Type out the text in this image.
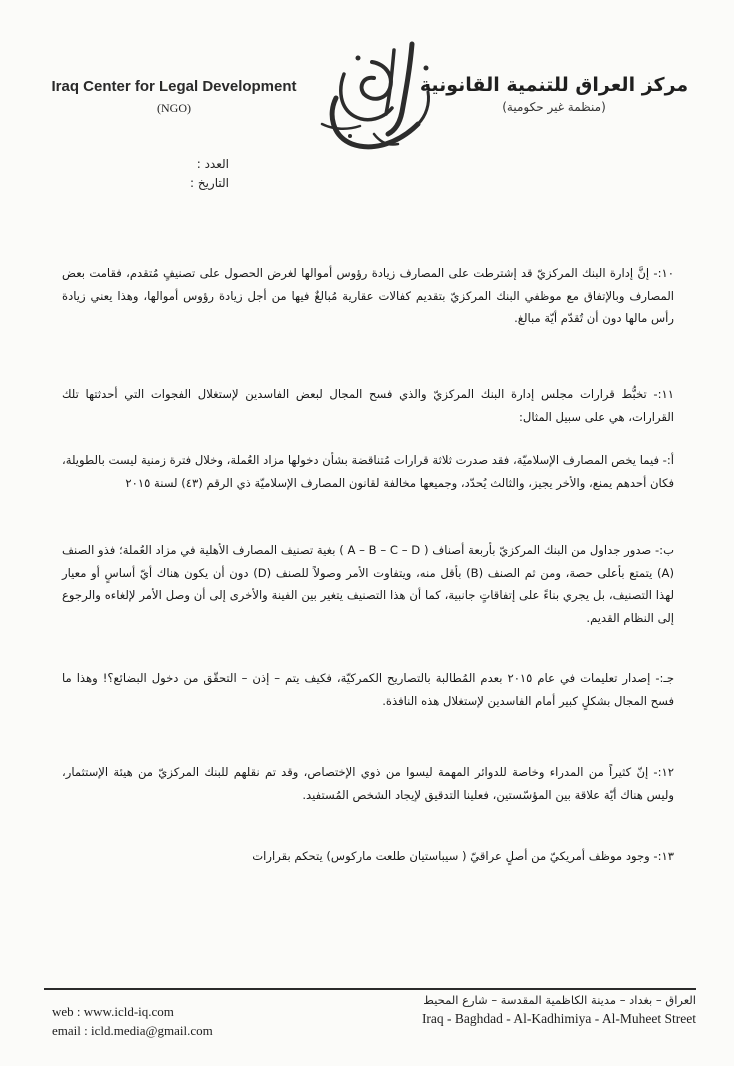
Iraq Center for Legal Development
(NGO)
مركز العراق للتنمية القانونية
(منظمة غير حكومية)
العدد :
التاريخ :

١٠:- إنَّ إدارة البنك المركزيّ قد إشترطت على المصارف زيادة رؤوس أموالها لغرض الحصول على تصنيفٍ مُتقدم، فقامت بعض المصارف وبالإتفاق مع موظفي البنك المركزيّ بتقديم كفالات عقارية مُبالغٌ فيها من أجل زيادة رؤوس أموالها، وهذا يعني زيادة رأس مالها دون أن تُقدّم أيّة مبالغ.

١١:- تخبُّط قرارات مجلس إدارة البنك المركزيّ والذي فسح المجال لبعض الفاسدين لإستغلال الفجوات التي أحدثتها تلك القرارات، هي على سبيل المثال:

أ:- فيما يخص المصارف الإسلاميّة، فقد صدرت ثلاثة قرارات مُتناقضة بشأن دخولها مزاد العُملة، وخلال فترة زمنية ليست بالطويلة، فكان أحدهم يمنع، والأخر يجيز، والثالث يُحدّد، وجميعها مخالفة لقانون المصارف الإسلاميّة ذي الرقم (٤٣) لسنة ٢٠١٥

ب:- صدور جداول من البنك المركزيّ بأربعة أصناف ( A – B – C – D ) بغية تصنيف المصارف الأهلية في مزاد العُملة؛ فذو الصنف (A) يتمتع بأعلى حصة، ومن ثم الصنف (B) بأقل منه، ويتفاوت الأمر وصولاً للصنف (D) دون أن يكون هناك أيّ أساسٍ أو معيار لهذا التصنيف، بل يجري بناءً على إتفاقاتٍ جانبية، كما أن هذا التصنيف يتغير بين الفينة والأخرى إلى أن وصل الأمر لإلغاءه والرجوع إلى النظام القديم.

جـ:- إصدار تعليمات في عام ٢٠١٥ بعدم المُطالبة بالتصاريح الكمركيّة، فكيف يتم – إذن – التحقّق من دخول البضائع؟! وهذا ما فسح المجال بشكلٍ كبير أمام الفاسدين لإستغلال هذه النافذة.

١٢:- إنّ كثيراً من المدراء وخاصة للدوائر المهمة ليسوا من ذوي الإختصاص، وقد تم نقلهم للبنك المركزيّ من هيئة الإستثمار، وليس هناك أيّة علاقة بين المؤسّستين، فعلينا التدقيق لإيجاد الشخص المُستفيد.

١٣:- وجود موظف أمريكيّ من أصلٍ عراقيّ ( سيباستيان طلعت ماركوس) يتحكم بقرارات

web : www.icld-iq.com
email : icld.media@gmail.com
العراق – بغداد – مدينة الكاظمية المقدسة – شارع المحيط
Iraq - Baghdad - Al-Kadhimiya - Al-Muheet Street
